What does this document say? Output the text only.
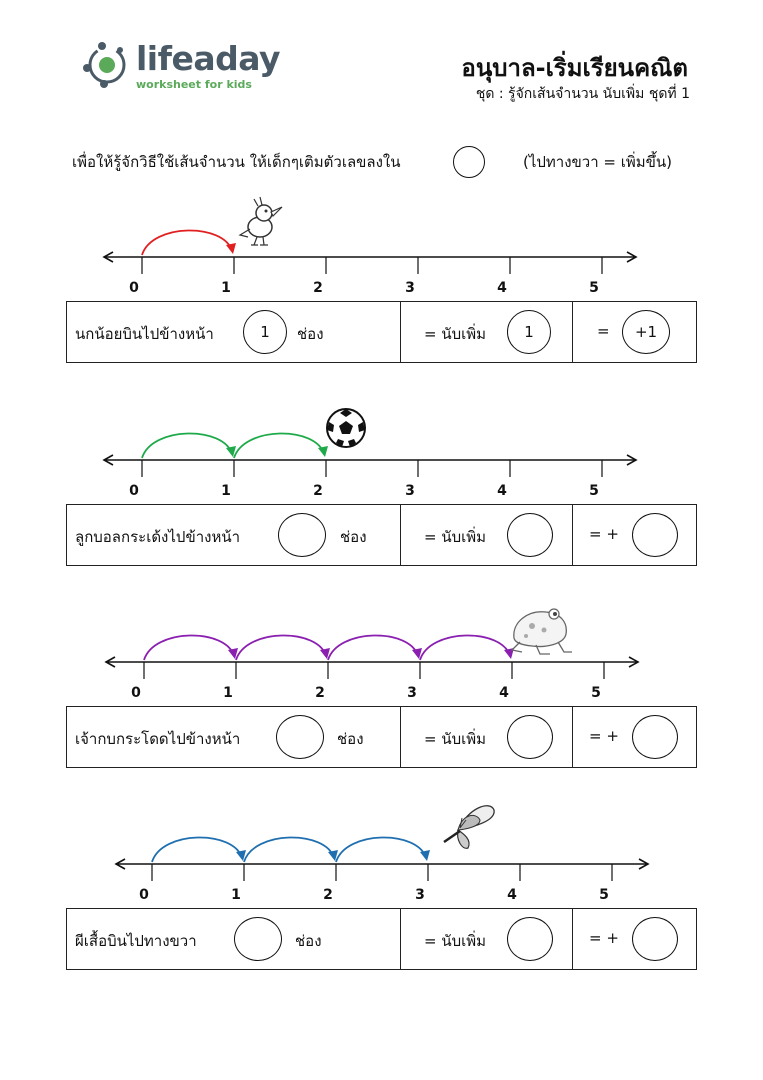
lifeaday
worksheet for kids
อนุบาล-เริ่มเรียนคณิต
ชุด : รู้จักเส้นจำนวน นับเพิ่ม ชุดที่ 1
เพื่อให้รู้จักวิธีใช้เส้นจำนวน ให้เด็กๆเติมตัวเลขลงใน	(ไปทางขวา = เพิ่มขึ้น)
0	1	2	3	4	5
นกน้อยบินไปข้างหน้า	1	ช่อง	= นับเพิ่ม	1	=	+1
0	1	2	3	4	5
ลูกบอลกระเด้งไปข้างหน้า	ช่อง	= นับเพิ่ม	= +
0	1	2	3	4	5
เจ้ากบกระโดดไปข้างหน้า	ช่อง	= นับเพิ่ม	= +
0	1	2	3	4	5
ผีเสื้อบินไปทางขวา	ช่อง	= นับเพิ่ม	= +
